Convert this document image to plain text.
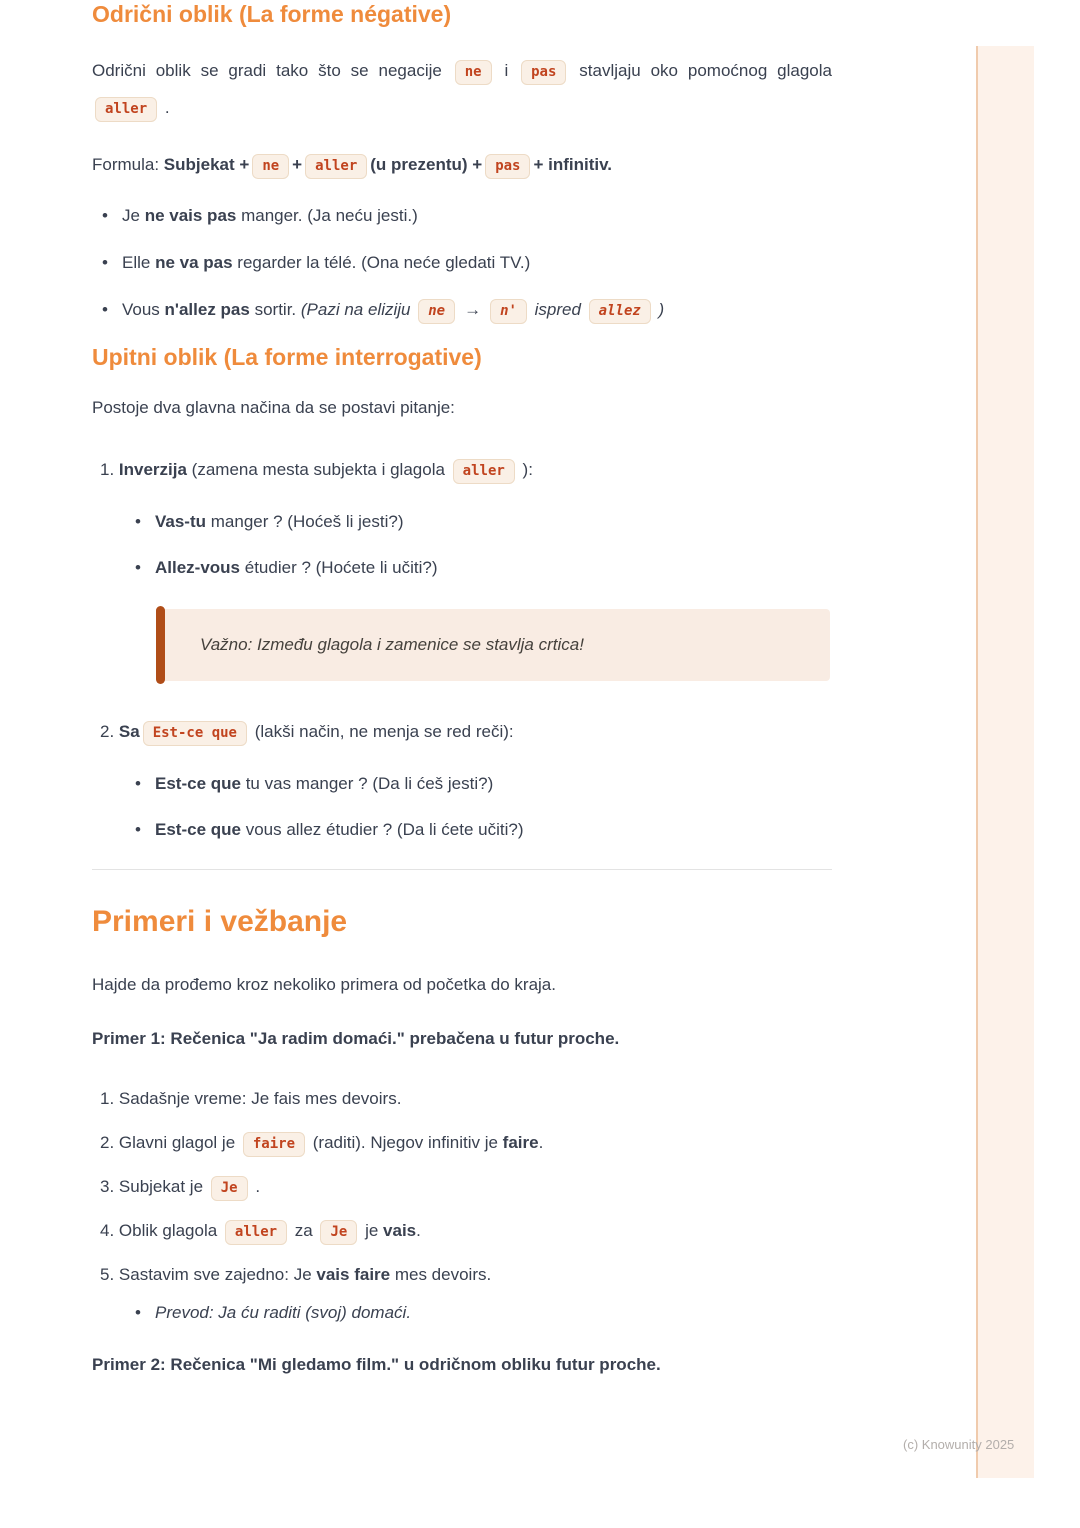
Odrični oblik (La forme négative)

Odrični oblik se gradi tako što se negacije ne i pas stavljaju oko pomoćnog glagola aller .

Formula: Subjekat + ne + aller (u prezentu) + pas + infinitiv.

• Je ne vais pas manger. (Ja neću jesti.)
• Elle ne va pas regarder la télé. (Ona neće gledati TV.)
• Vous n'allez pas sortir. (Pazi na eliziju ne → n' ispred allez )
Upitni oblik (La forme interrogative)

Postoje dva glavna načina da se postavi pitanje:

1. Inverzija (zamena mesta subjekta i glagola aller ):
• Vas-tu manger ? (Hoćeš li jesti?)
• Allez-vous étudier ? (Hoćete li učiti?)
Važno: Između glagola i zamenice se stavlja crtica!
2. Sa Est-ce que (lakši način, ne menja se red reči):
• Est-ce que tu vas manger ? (Da li ćeš jesti?)
• Est-ce que vous allez étudier ? (Da li ćete učiti?)
Primeri i vežbanje

Hajde da prođemo kroz nekoliko primera od početka do kraja.

Primer 1: Rečenica "Ja radim domaći." prebačena u futur proche.

1. Sadašnje vreme: Je fais mes devoirs.
2. Glavni glagol je faire (raditi). Njegov infinitiv je faire.
3. Subjekat je Je .
4. Oblik glagola aller za Je je vais.
5. Sastavim sve zajedno: Je vais faire mes devoirs.
• Prevod: Ja ću raditi (svoj) domaći.

Primer 2: Rečenica "Mi gledamo film." u odričnom obliku futur proche.

(c) Knowunity 2025
